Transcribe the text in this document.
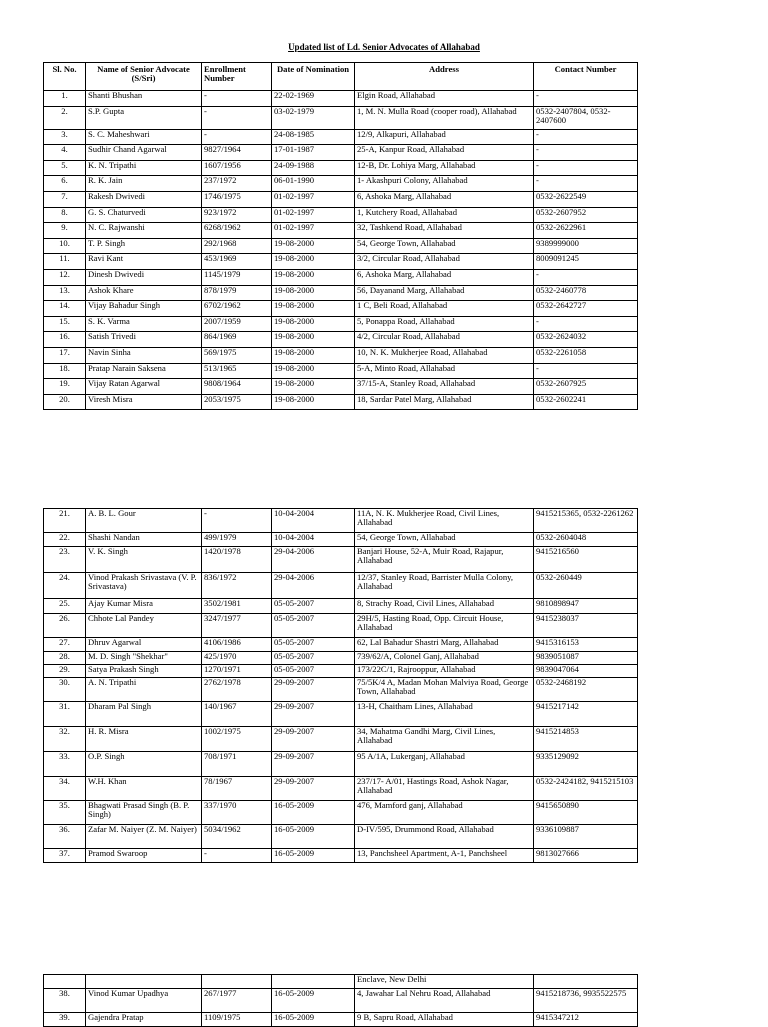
Updated list of Ld. Senior Advocates of Allahabad
Sl. No.	Name of Senior Advocate (S/Sri)	Enrollment Number	Date of Nomination	Address	Contact Number
1.	Shanti Bhushan	-	22-02-1969	Elgin Road, Allahabad	-
2.	S.P. Gupta	-	03-02-1979	1, M. N. Mulla Road (cooper road), Allahabad	0532-2407804, 0532-2407600
3.	S. C. Maheshwari	-	24-08-1985	12/9, Alkapuri, Allahabad	-
4.	Sudhir Chand Agarwal	9827/1964	17-01-1987	25-A, Kanpur Road, Allahabad	-
5.	K. N. Tripathi	1607/1956	24-09-1988	12-B, Dr. Lohiya Marg, Allahabad	-
6.	R. K. Jain	237/1972	06-01-1990	1- Akashpuri Colony, Allahabad	-
7.	Rakesh Dwivedi	1746/1975	01-02-1997	6, Ashoka Marg, Allahabad	0532-2622549
8.	G. S. Chaturvedi	923/1972	01-02-1997	1, Kutchery Road, Allahabad	0532-2607952
9.	N. C. Rajwanshi	6268/1962	01-02-1997	32, Tashkend Road, Allahabad	0532-2622961
10.	T. P. Singh	292/1968	19-08-2000	54, George Town, Allahabad	9389999000
11.	Ravi Kant	453/1969	19-08-2000	3/2, Circular Road, Allahabad	8009091245
12.	Dinesh Dwivedi	1145/1979	19-08-2000	6, Ashoka Marg, Allahabad	-
13.	Ashok Khare	878/1979	19-08-2000	56, Dayanand Marg, Allahabad	0532-2460778
14.	Vijay Bahadur Singh	6702/1962	19-08-2000	1 C, Beli Road, Allahabad	0532-2642727
15.	S. K. Varma	2007/1959	19-08-2000	5, Ponappa Road, Allahabad	-
16.	Satish Trivedi	864/1969	19-08-2000	4/2, Circular Road, Allahabad	0532-2624032
17.	Navin Sinha	569/1975	19-08-2000	10, N. K. Mukherjee Road, Allahabad	0532-2261058
18.	Pratap Narain Saksena	513/1965	19-08-2000	5-A, Minto Road, Allahabad	-
19.	Vijay Ratan Agarwal	9808/1964	19-08-2000	37/15-A, Stanley Road, Allahabad	0532-2607925
20.	Viresh Misra	2053/1975	19-08-2000	18, Sardar Patel Marg, Allahabad	0532-2602241
21.	A. B. L. Gour	-	10-04-2004	11A, N. K. Mukherjee Road, Civil Lines, Allahabad	9415215365, 0532-2261262
22.	Shashi Nandan	499/1979	10-04-2004	54, George Town, Allahabad	0532-2604048
23.	V. K. Singh	1420/1978	29-04-2006	Banjari House, 52-A, Muir Road, Rajapur, Allahabad	9415216560
24.	Vinod Prakash Srivastava (V. P. Srivastava)	836/1972	29-04-2006	12/37, Stanley Road, Barrister Mulla Colony, Allahabad	0532-260449
25.	Ajay Kumar Misra	3502/1981	05-05-2007	8, Strachy Road, Civil Lines, Allahabad	9810898947
26.	Chhote Lal Pandey	3247/1977	05-05-2007	29H/5, Hasting Road, Opp. Circuit House, Allahabad	9415238037
27.	Dhruv Agarwal	4106/1986	05-05-2007	62, Lal Bahadur Shastri Marg, Allahabad	9415316153
28.	M. D. Singh "Shekhar"	425/1970	05-05-2007	739/62/A, Colonel Ganj, Allahabad	9839051087
29.	Satya Prakash Singh	1270/1971	05-05-2007	173/22C/1, Rajrooppur, Allahabad	9839047064
30.	A. N. Tripathi	2762/1978	29-09-2007	75/5K/4 A, Madan Mohan Malviya Road, George Town, Allahabad	0532-2468192
31.	Dharam Pal Singh	140/1967	29-09-2007	13-H, Chaitham Lines, Allahabad	9415217142
32.	H. R. Misra	1002/1975	29-09-2007	34, Mahatma Gandhi Marg, Civil Lines, Allahabad	9415214853
33.	O.P. Singh	708/1971	29-09-2007	95 A/1A, Lukerganj, Allahabad	9335129092
34.	W.H. Khan	78/1967	29-09-2007	237/17- A/01, Hastings Road, Ashok Nagar, Allahabad	0532-2424182, 9415215103
35.	Bhagwati Prasad Singh (B. P. Singh)	337/1970	16-05-2009	476, Mamford ganj, Allahabad	9415650890
36.	Zafar M. Naiyer (Z. M. Naiyer)	5034/1962	16-05-2009	D-IV/595, Drummond Road, Allahabad	9336109887
37.	Pramod Swaroop	-	16-05-2009	13, Panchsheel Apartment, A-1, Panchsheel	9813027666
				Enclave, New Delhi	
38.	Vinod Kumar Upadhya	267/1977	16-05-2009	4, Jawahar Lal Nehru Road, Allahabad	9415218736, 9935522575
39.	Gajendra Pratap	1109/1975	16-05-2009	9 B, Sapru Road, Allahabad	9415347212
